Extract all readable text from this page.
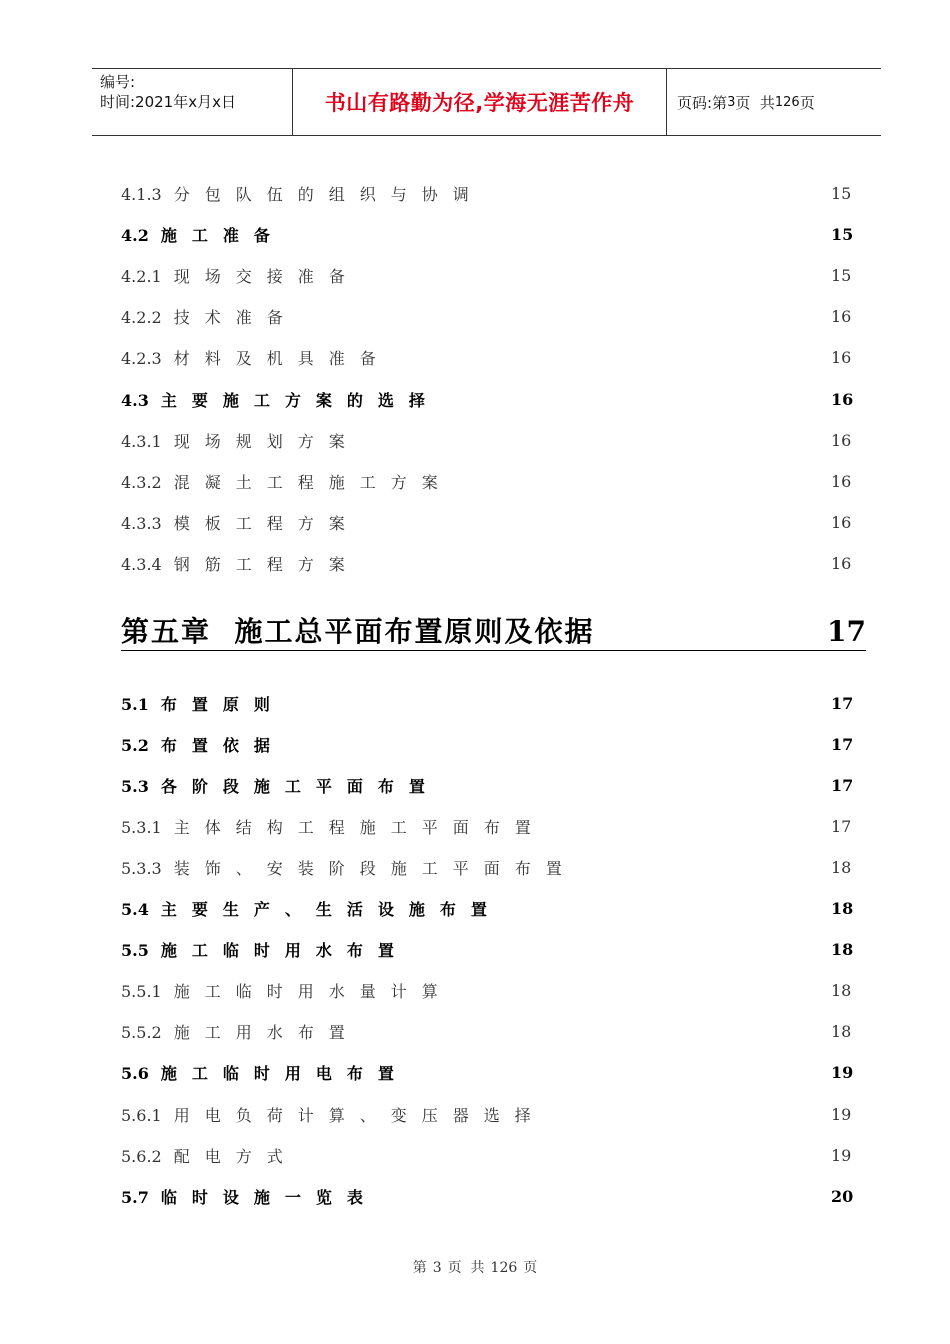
编号:
时间:2021年x月x日	书山有路勤为径,学海无涯苦作舟	页码:第 3 页  共 126 页
4.1.3 分包队伍的组织与协调	15
4.2 施工准备	15
4.2.1 现场交接准备	15
4.2.2 技术准备	16
4.2.3 材料及机具准备	16
4.3 主要施工方案的选择	16
4.3.1 现场规划方案	16
4.3.2 混凝土工程施工方案	16
4.3.3 模板工程方案	16
4.3.4 钢筋工程方案	16
第五章  施工总平面布置原则及依据	17
5.1 布置原则	17
5.2 布置依据	17
5.3 各阶段施工平面布置	17
5.3.1 主体结构工程施工平面布置	17
5.3.3 装饰、安装阶段施工平面布置	18
5.4 主要生产、生活设施布置	18
5.5 施工临时用水布置	18
5.5.1 施工临时用水量计算	18
5.5.2 施工用水布置	18
5.6 施工临时用电布置	19
5.6.1 用电负荷计算、变压器选择	19
5.6.2 配电方式	19
5.7 临时设施一览表	20
第 3 页  共 126 页
